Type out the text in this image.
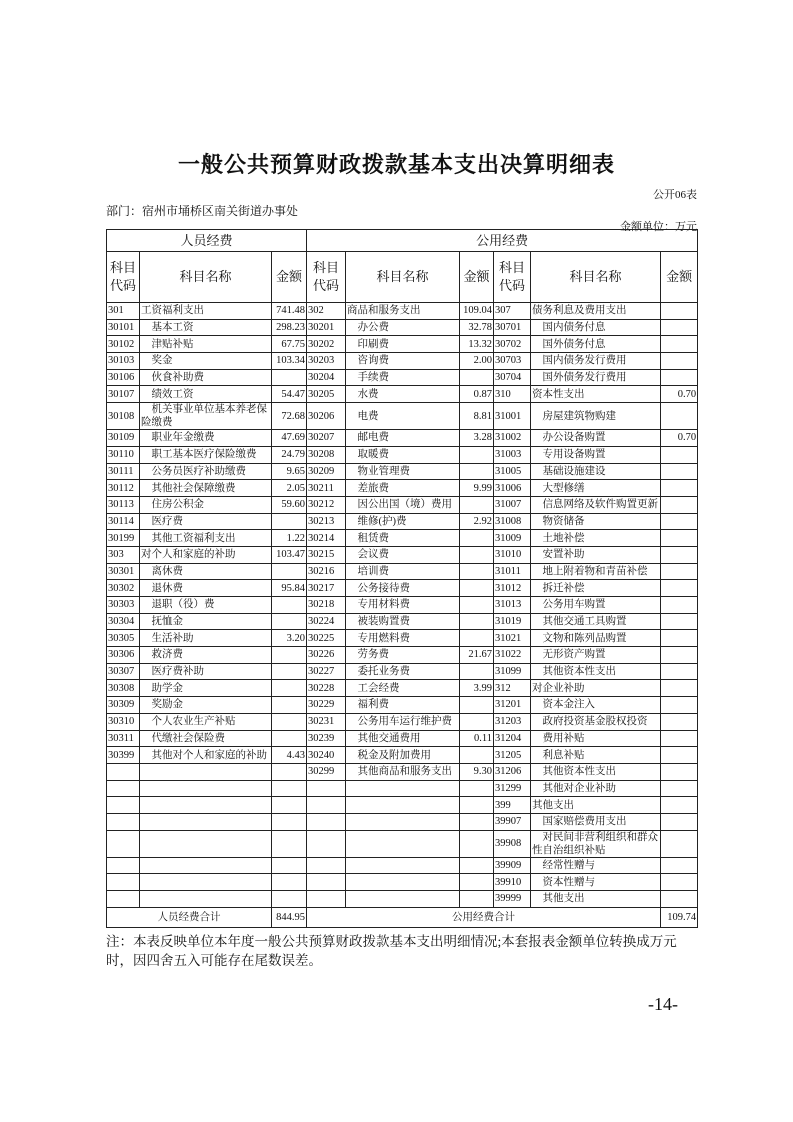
一般公共预算财政拨款基本支出决算明细表
公开06表
部门：宿州市埇桥区南关街道办事处
金额单位：万元
人员经费			公用经费					
科目代码	科目名称	金额	科目代码	科目名称	金额	科目代码	科目名称	金额
301	工资福利支出	741.48	302	商品和服务支出	109.04	307	债务利息及费用支出	
30101	基本工资	298.23	30201	办公费	32.78	30701	国内债务付息	
30102	津贴补贴	67.75	30202	印刷费	13.32	30702	国外债务付息	
30103	奖金	103.34	30203	咨询费	2.00	30703	国内债务发行费用	
30106	伙食补助费		30204	手续费		30704	国外债务发行费用	
30107	绩效工资	54.47	30205	水费	0.87	310	资本性支出	0.70
30108	机关事业单位基本养老保险缴费	72.68	30206	电费	8.81	31001	房屋建筑物购建	
30109	职业年金缴费	47.69	30207	邮电费	3.28	31002	办公设备购置	0.70
30110	职工基本医疗保险缴费	24.79	30208	取暖费		31003	专用设备购置	
30111	公务员医疗补助缴费	9.65	30209	物业管理费		31005	基础设施建设	
30112	其他社会保障缴费	2.05	30211	差旅费	9.99	31006	大型修缮	
30113	住房公积金	59.60	30212	因公出国（境）费用		31007	信息网络及软件购置更新	
30114	医疗费		30213	维修(护)费	2.92	31008	物资储备	
30199	其他工资福利支出	1.22	30214	租赁费		31009	土地补偿	
303	对个人和家庭的补助	103.47	30215	会议费		31010	安置补助	
30301	离休费		30216	培训费		31011	地上附着物和青苗补偿	
30302	退休费	95.84	30217	公务接待费		31012	拆迁补偿	
30303	退职（役）费		30218	专用材料费		31013	公务用车购置	
30304	抚恤金		30224	被装购置费		31019	其他交通工具购置	
30305	生活补助	3.20	30225	专用燃料费		31021	文物和陈列品购置	
30306	救济费		30226	劳务费	21.67	31022	无形资产购置	
30307	医疗费补助		30227	委托业务费		31099	其他资本性支出	
30308	助学金		30228	工会经费	3.99	312	对企业补助	
30309	奖励金		30229	福利费		31201	资本金注入	
30310	个人农业生产补贴		30231	公务用车运行维护费		31203	政府投资基金股权投资	
30311	代缴社会保险费		30239	其他交通费用	0.11	31204	费用补贴	
30399	其他对个人和家庭的补助	4.43	30240	税金及附加费用		31205	利息补贴	
			30299	其他商品和服务支出	9.30	31206	其他资本性支出	
						31299	其他对企业补助	
						399	其他支出	
						39907	国家赔偿费用支出	
						39908	对民间非营利组织和群众性自治组织补贴	
						39909	经常性赠与	
						39910	资本性赠与	
						39999	其他支出	
人员经费合计		844.95	公用经费合计					109.74
注：本表反映单位本年度一般公共预算财政拨款基本支出明细情况;本套报表金额单位转换成万元时，因四舍五入可能存在尾数误差。
-14-
